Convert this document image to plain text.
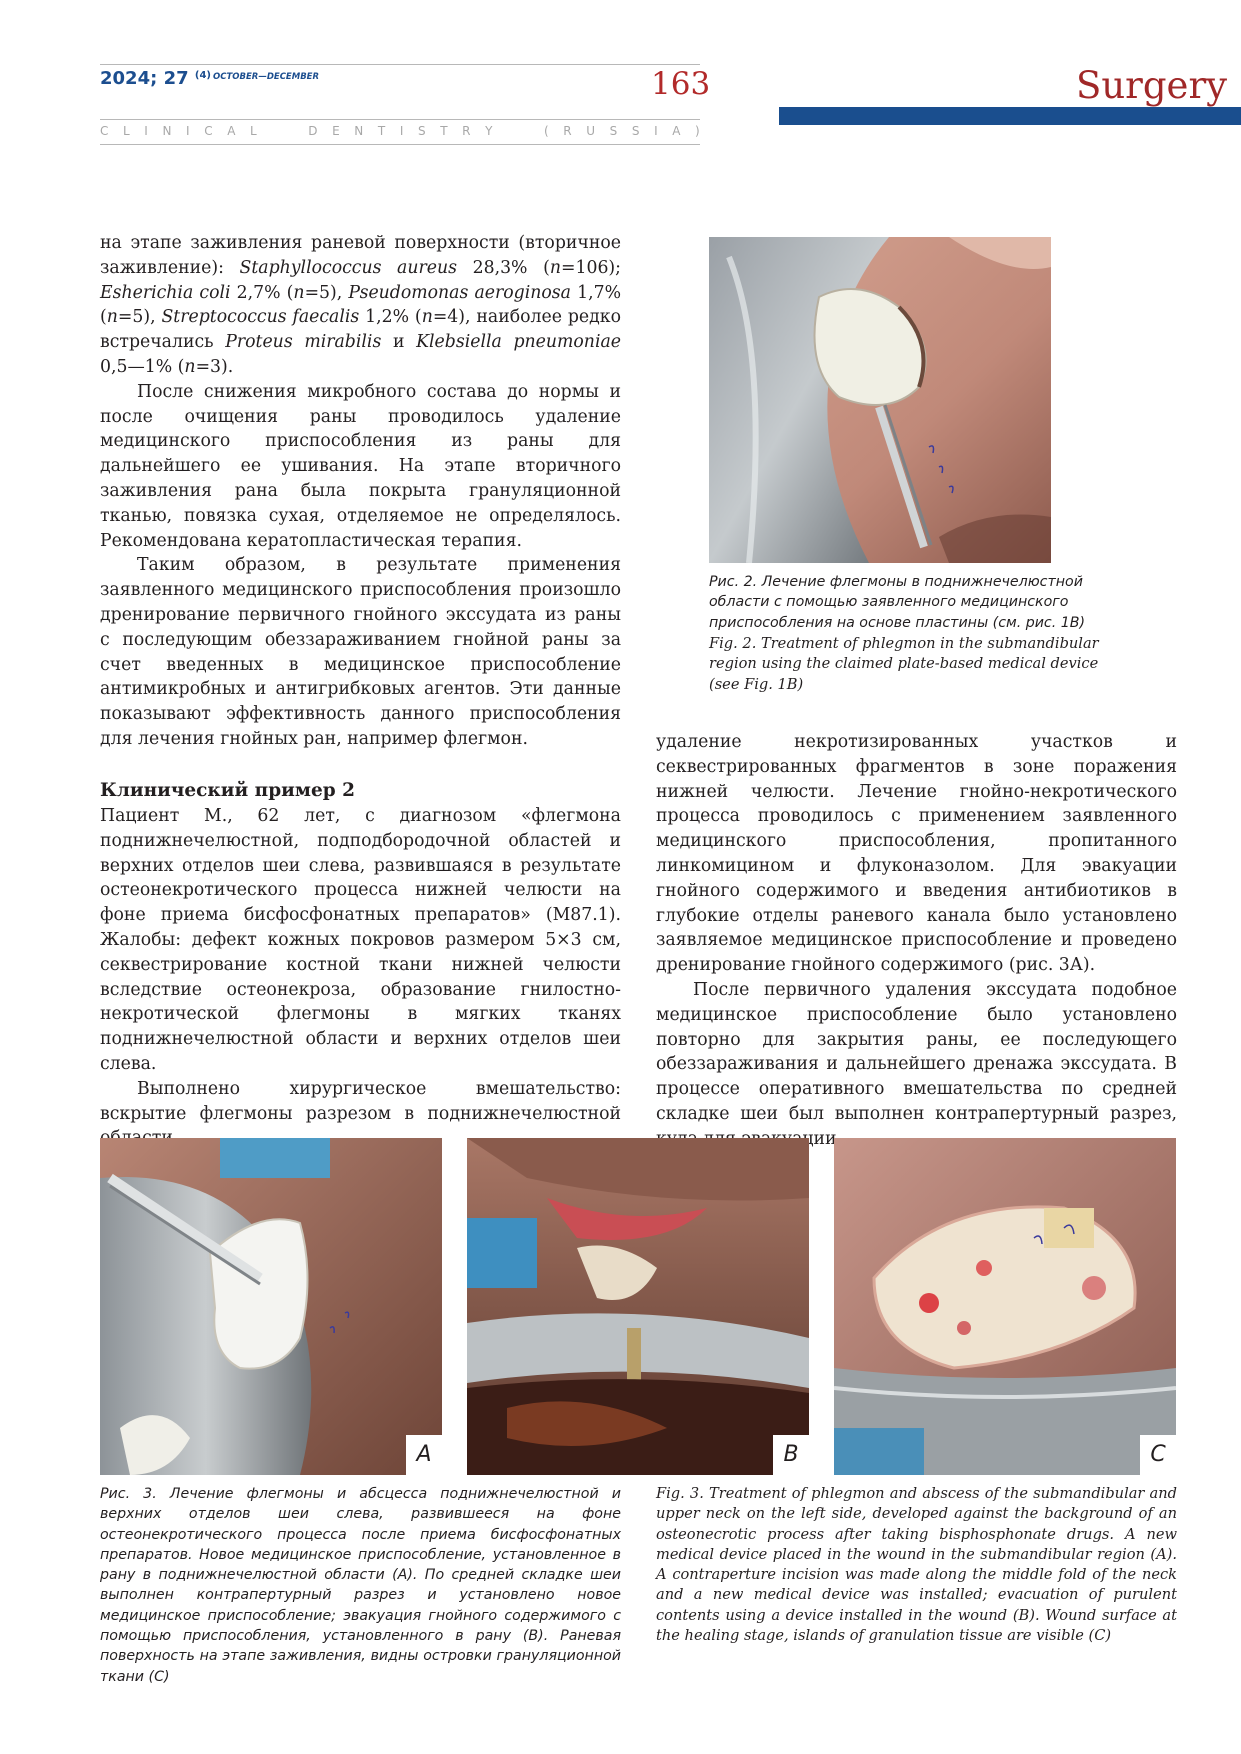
2024; 27 $^{(4)}$ $^{OCTOBER—DECEMBER}$	163	Surgery
C L I N I C A L

	D E N T I S T R Y

	( R U S S I A )

на этапе заживления раневой поверхности (вторичное заживление): Staphyllococcus aureus 28,3% (n=106); Eshеrichia coli 2,7% (n=5), Pseudomonas aeroginosa 1,7% (n=5), Streptococcus faecalis 1,2% (n=4), наиболее редко встречались Proteus mirabilis и Klebsiella pneumoniae 0,5—1% (n=3).

После снижения микробного состава до нормы и после очищения раны проводилось удаление медицинского приспособления из раны для дальнейшего ее ушивания. На этапе вторичного заживления рана была покрыта грануляционной тканью, повязка сухая, отделяемое не определялось. Рекомендована кератопластическая терапия.

Таким образом, в результате применения заявленного медицинского приспособления произошло дренирование первичного гнойного экссудата из раны с последующим обеззараживанием гнойной раны за счет введенных в медицинское приспособление антимикробных и антигрибковых агентов. Эти данные показывают эффективность данного приспособления для лечения гнойных ран, например флегмон.

Клинический пример 2

Пациент М., 62 лет, с диагнозом «флегмона поднижнечелюстной, подподбородочной областей и верхних отделов шеи слева, развившаяся в результате остеонекротического процесса нижней челюсти на фоне приема бисфосфонатных препаратов» (M87.1). Жалобы: дефект кожных покровов размером 5×3 см, секвестрирование костной ткани нижней челюсти вследствие остеонекроза, образование гнилостно-некротической флегмоны в мягких тканях поднижнечелюстной области и верхних отделов шеи слева.

Выполнено хирургическое вмешательство: вскрытие флегмоны разрезом в поднижнечелюстной

удаление некротизированных участков и секвестрированных фрагментов в зоне поражения нижней челюсти. Лечение гнойно-некротического процесса проводилось с применением заявленного медицинского приспособления, пропитанного линкомицином и флуконазолом. Для эвакуации гнойного содержимого и введения антибиотиков в глубокие отделы раневого канала было установлено заявляемое медицинское приспособление и проведено дренирование гнойного содержимого (рис. 3А).

После первичного удаления экссудата подобное медицинское приспособление было установлено повторно для закрытия раны, ее последующего обеззараживания и дальнейшего дренажа экссудата. В процессе оперативного вмешательства по средней складке шеи был выполнен контрапертурный разрез,

Рис. 2. Лечение флегмоны в поднижнечелюстной области с помощью заявленного медицинского приспособления на основе пластины (см. рис. 1В)
Fig. 2. Treatment of phlegmon in the submandibular region using the claimed plate-based medical device (see Fig. 1B)
A	B	C
Рис. 3. Лечение флегмоны и абсцесса поднижнечелюстной и верхних отделов шеи слева, развившееся на фоне остеонекротического процесса после приема бисфосфонатных препаратов. Новое медицинское приспособление, установленное в рану в поднижнечелюстной области (A). По средней складке шеи выполнен контрапертурный разрез и установлено новое медицинское приспособление; эвакуация гнойного содержимого с помощью приспособления, установленного в рану (B). Раневая поверхность на этапе заживления, видны островки грануляционной ткани (C)
Fig. 3. Treatment of phlegmon and abscess of the submandibular and upper neck on the left side, developed against the background of an osteonecrotic process after taking bisphosphonate drugs. A new medical device placed in the wound in the submandibular region (A). A contraperture incision was made along the middle fold of the neck and a new medical device was installed; evacuation of purulent contents using a device installed in the wound (B). Wound surface at the healing stage, islands of granulation tissue are visible (C)
